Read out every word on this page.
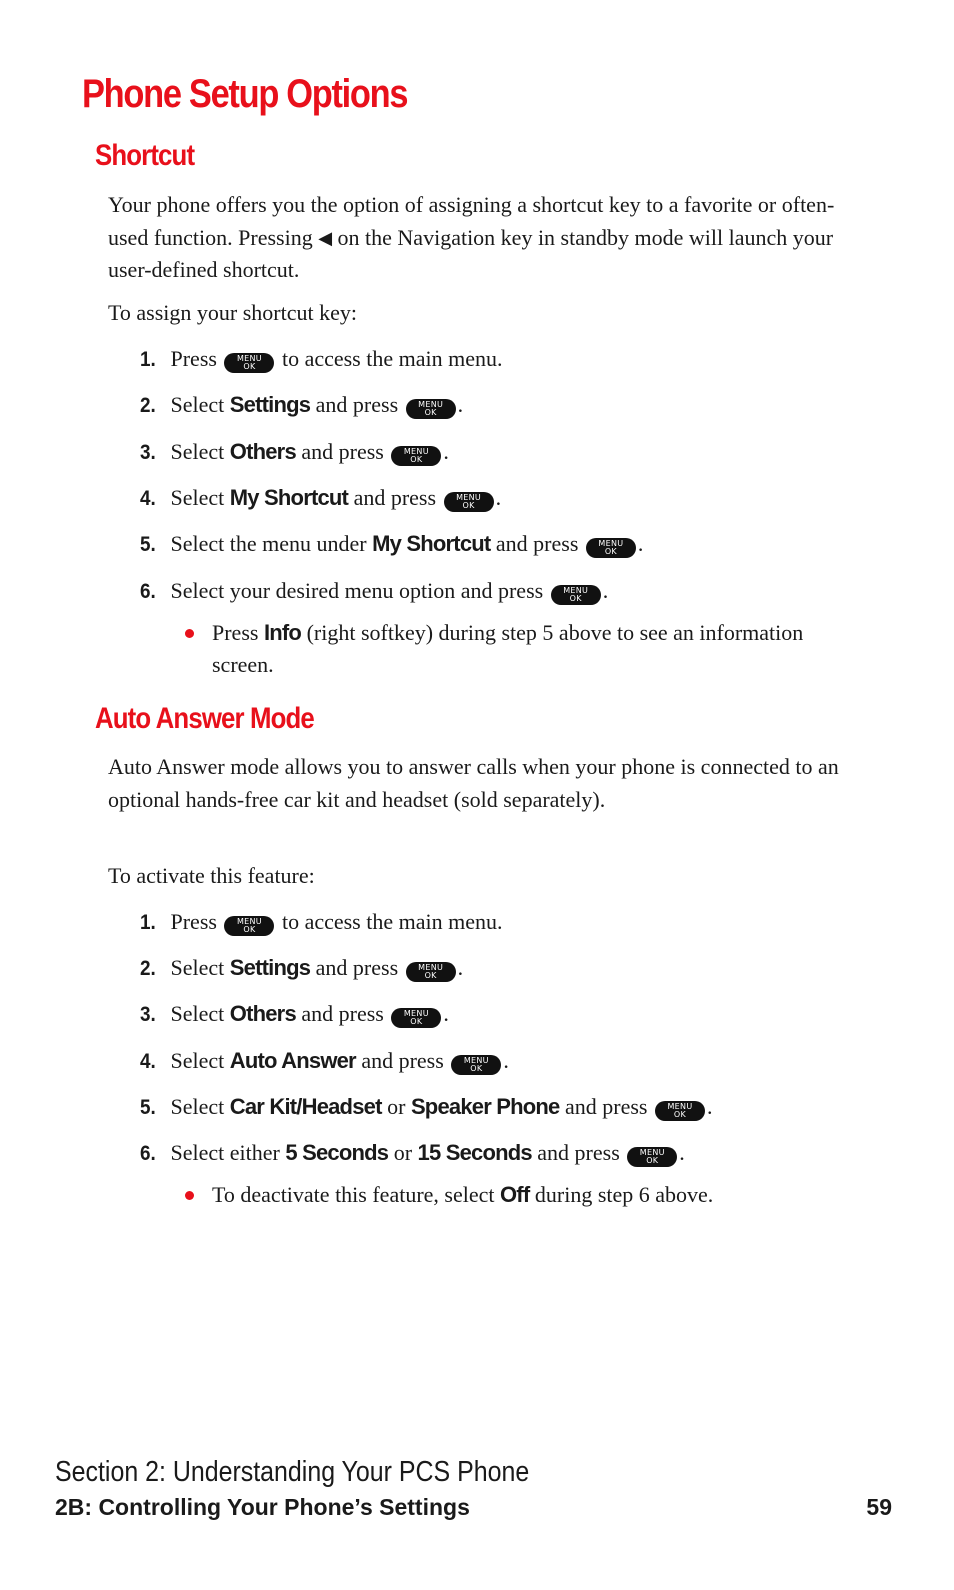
Phone Setup Options
Shortcut

Your phone offers you the option of assigning a shortcut key to a favorite or often-used function. Pressing ◀ on the Navigation key in standby mode will launch your user-defined shortcut.

To assign your shortcut key:

1. Press	MENU
OK	to access the main menu.

2. Select Settings and press	MENU
OK .

3. Select Others and press	MENU
OK .

4. Select My Shortcut and press	MENU
OK .

5. Select the menu under My Shortcut and press	MENU
OK .

6. Select your desired menu option and press	MENU
OK .

Press Info (right softkey) during step 5 above to see an information screen.

Auto Answer Mode

Auto Answer mode allows you to answer calls when your phone is connected to an optional hands-free car kit and headset (sold separately).

To activate this feature:

1. Press	MENU
OK	to access the main menu.

2. Select Settings and press	MENU
OK .

3. Select Others and press	MENU
OK .

4. Select Auto Answer and press	MENU
OK .

5. Select Car Kit/Headset or Speaker Phone and press	MENU
OK .

6. Select either 5 Seconds or 15 Seconds and press	MENU
OK .

To deactivate this feature, select Off during step 6 above.

Section 2: Understanding Your PCS Phone

2B: Controlling Your Phone’s Settings	59
